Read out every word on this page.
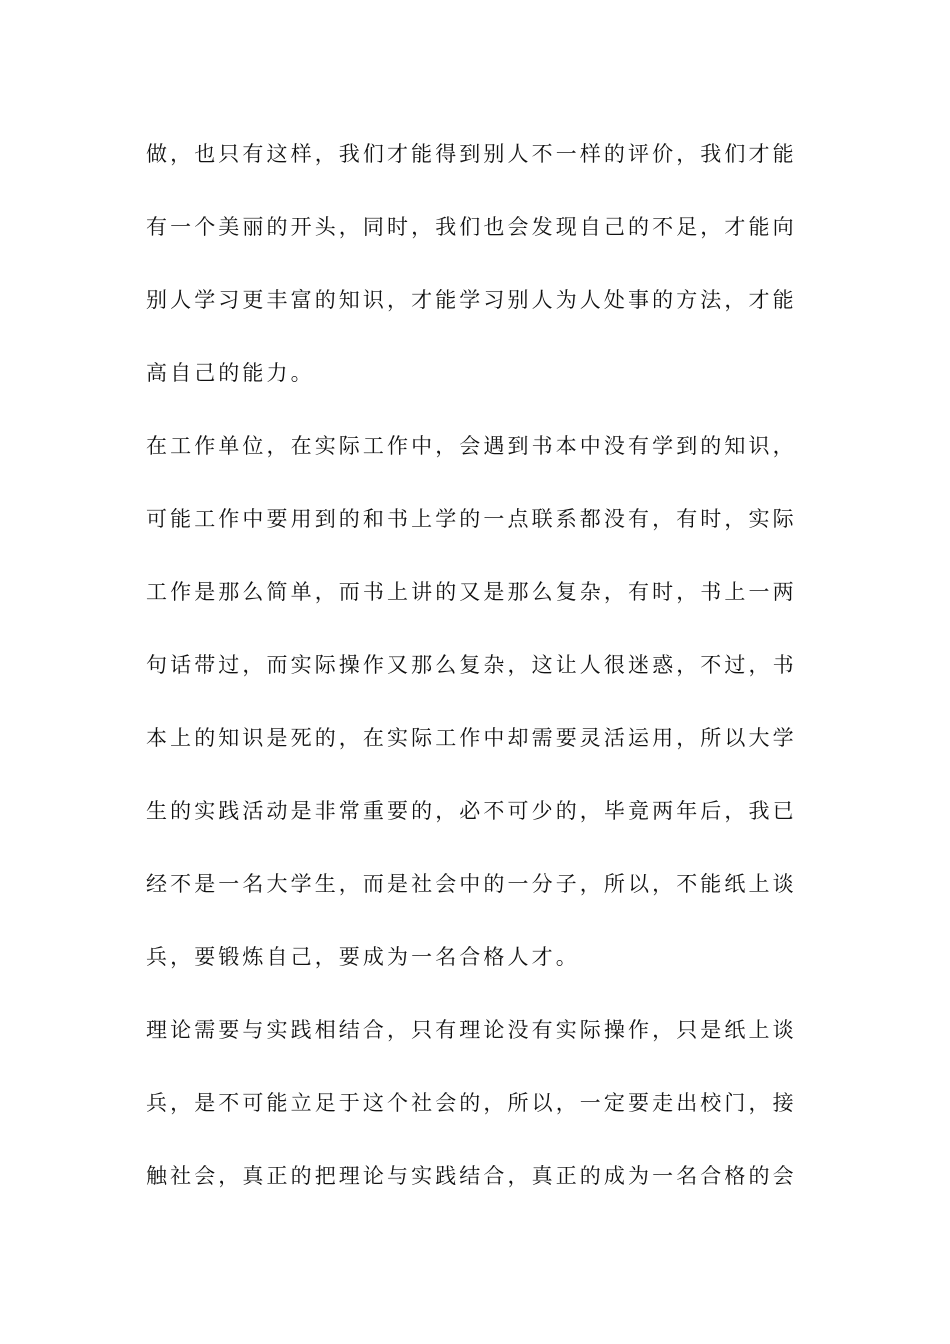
做，也只有这样，我们才能得到别人不一样的评价，我们才能
有一个美丽的开头，同时，我们也会发现自己的不足，才能向
别人学习更丰富的知识，才能学习别人为人处事的方法，才能
高自己的能力。
在工作单位，在实际工作中，会遇到书本中没有学到的知识，
可能工作中要用到的和书上学的一点联系都没有，有时，实际
工作是那么简单，而书上讲的又是那么复杂，有时，书上一两
句话带过，而实际操作又那么复杂，这让人很迷惑，不过，书
本上的知识是死的，在实际工作中却需要灵活运用，所以大学
生的实践活动是非常重要的，必不可少的，毕竟两年后，我已
经不是一名大学生，而是社会中的一分子，所以，不能纸上谈
兵，要锻炼自己，要成为一名合格人才。
理论需要与实践相结合，只有理论没有实际操作，只是纸上谈
兵，是不可能立足于这个社会的，所以，一定要走出校门，接
触社会，真正的把理论与实践结合，真正的成为一名合格的会
